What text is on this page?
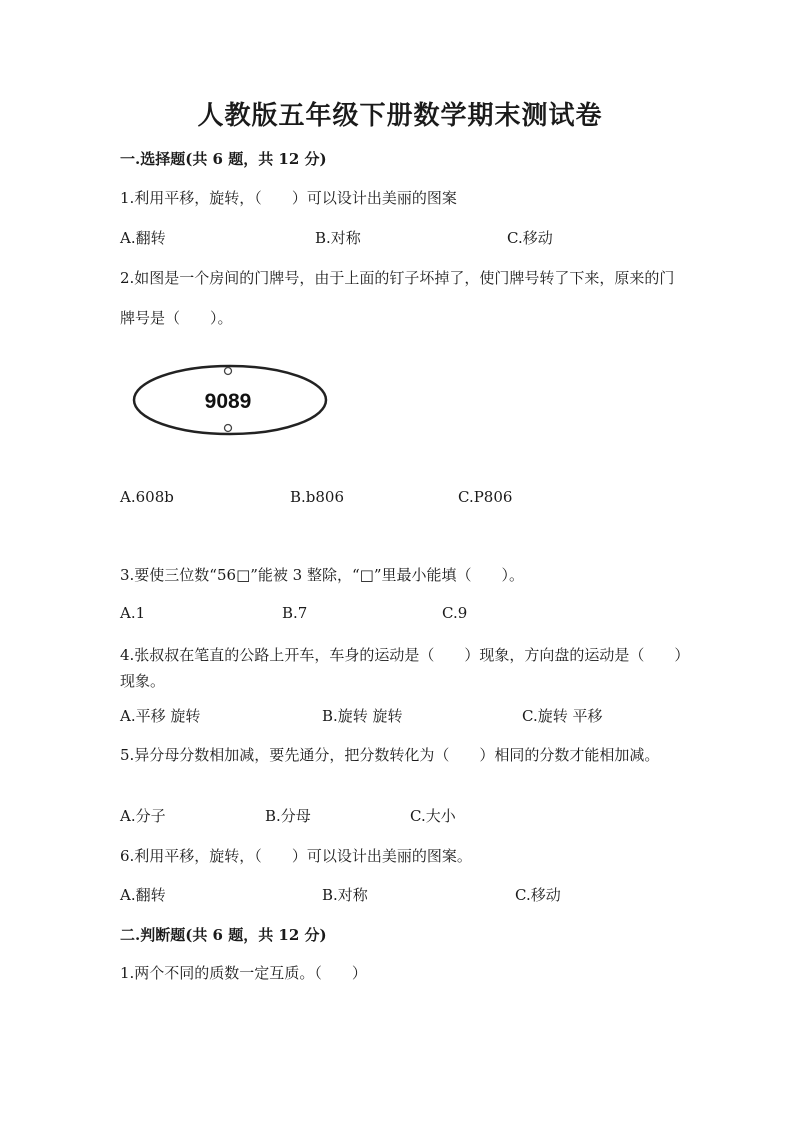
人教版五年级下册数学期末测试卷
一.选择题(共 6 题，共 12 分)
1.利用平移，旋转，（　　）可以设计出美丽的图案
A.翻转	B.对称	C.移动
2.如图是一个房间的门牌号，由于上面的钉子坏掉了，使门牌号转了下来，原来的门牌号是（　　）。
9089
A.608b	B.b806	C.P806
3.要使三位数“56□”能被 3 整除，“□”里最小能填（　　）。
A.1	B.7	C.9
4.张叔叔在笔直的公路上开车，车身的运动是（　　）现象，方向盘的运动是（　　）现象。
A.平移 旋转	B.旋转 旋转	C.旋转 平移
5.异分母分数相加减，要先通分，把分数转化为（　　）相同的分数才能相加减。
A.分子	B.分母	C.大小
6.利用平移，旋转，（　　）可以设计出美丽的图案。
A.翻转	B.对称	C.移动
二.判断题(共 6 题，共 12 分)
1.两个不同的质数一定互质。（　　）
